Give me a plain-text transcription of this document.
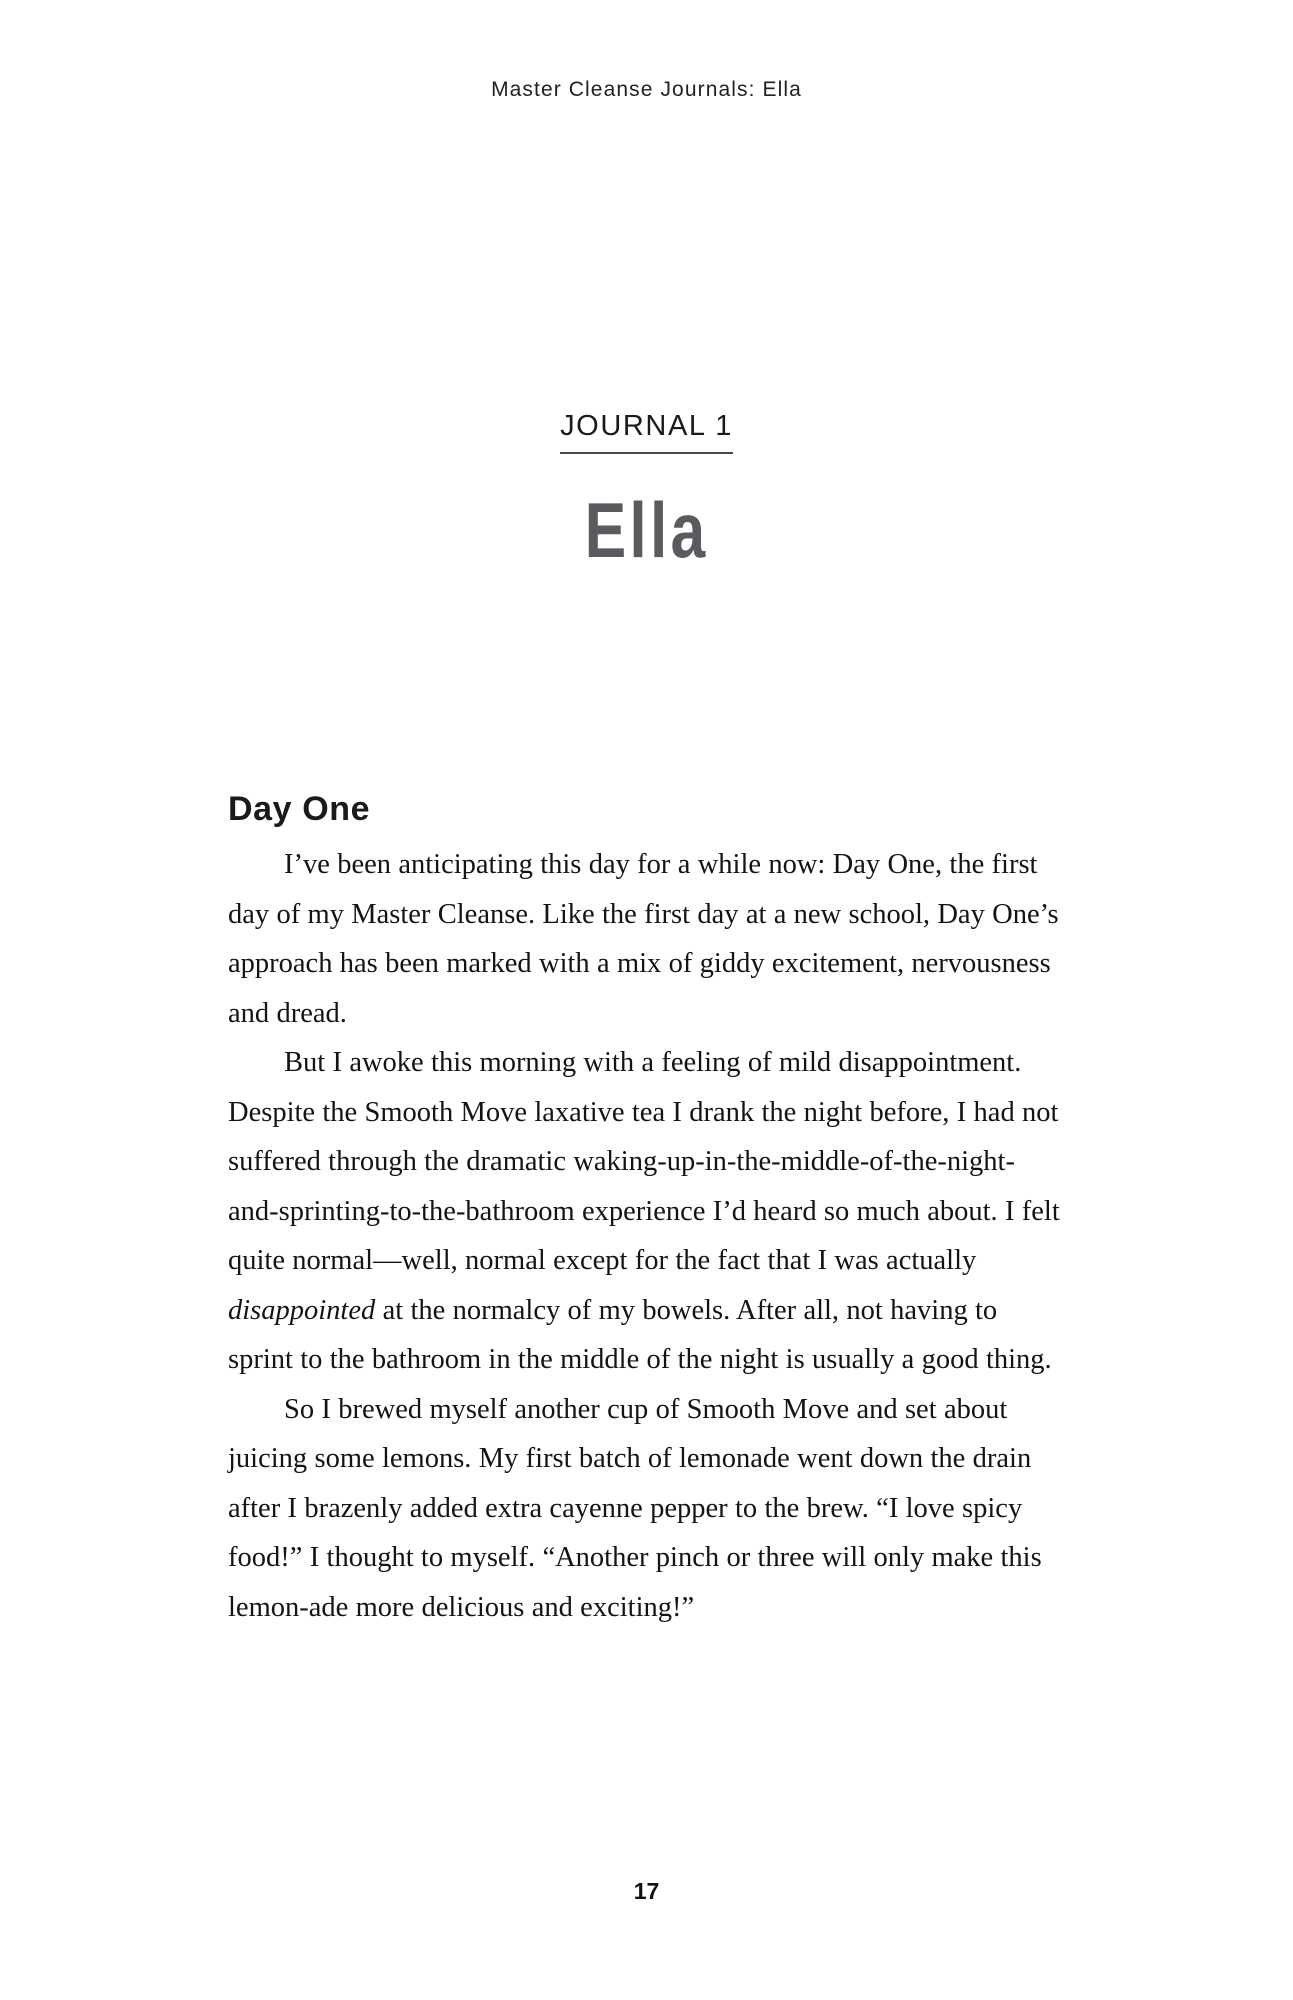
Master Cleanse Journals: Ella
JOURNAL 1
Ella
Day One

I’ve been anticipating this day for a while now: Day One, the first day of my Master Cleanse. Like the first day at a new school, Day One’s approach has been marked with a mix of giddy excitement, nervousness and dread.

But I awoke this morning with a feeling of mild disappointment. Despite the Smooth Move laxative tea I drank the night before, I had not suffered through the dramatic waking-up-in-the-middle-of-the-night-and-sprinting-to-the-bathroom experience I’d heard so much about. I felt quite normal—well, normal except for the fact that I was actually disappointed at the normalcy of my bowels. After all, not having to sprint to the bathroom in the middle of the night is usually a good thing.

So I brewed myself another cup of Smooth Move and set about juicing some lemons. My first batch of lemonade went down the drain after I brazenly added extra cayenne pepper to the brew. “I love spicy food!” I thought to myself. “Another pinch or three will only make this lemon-ade more delicious and exciting!”

17
